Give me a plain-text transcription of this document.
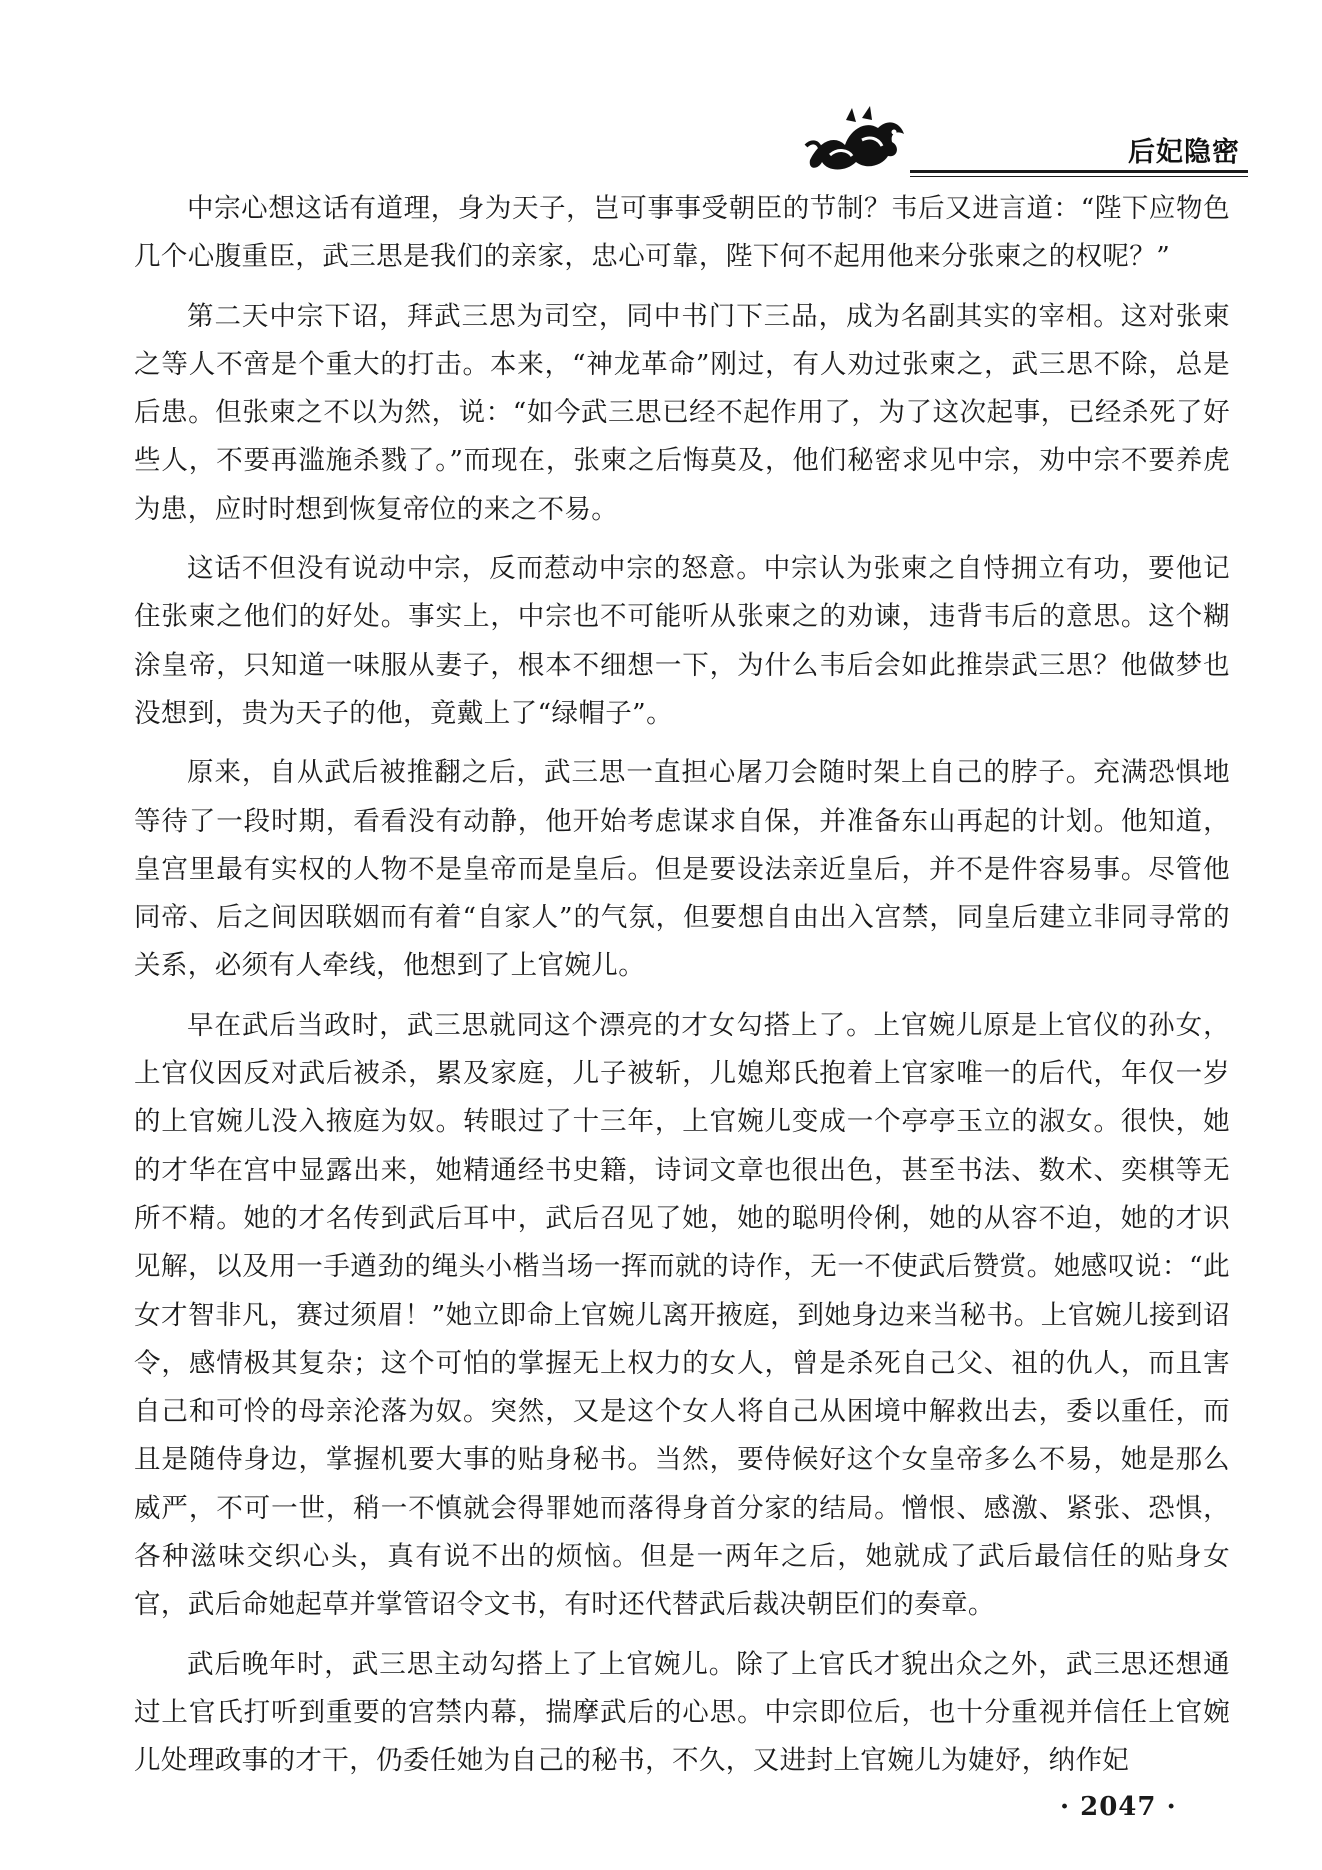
后妃隐密

中宗心想这话有道理，身为天子，岂可事事受朝臣的节制？韦后又进言道：“陛下应物色几个心腹重臣，武三思是我们的亲家，忠心可靠，陛下何不起用他来分张柬之的权呢？”

第二天中宗下诏，拜武三思为司空，同中书门下三品，成为名副其实的宰相。这对张柬之等人不啻是个重大的打击。本来，“神龙革命”刚过，有人劝过张柬之，武三思不除，总是后患。但张柬之不以为然，说：“如今武三思已经不起作用了，为了这次起事，已经杀死了好些人，不要再滥施杀戮了。”而现在，张柬之后悔莫及，他们秘密求见中宗，劝中宗不要养虎为患，应时时想到恢复帝位的来之不易。

这话不但没有说动中宗，反而惹动中宗的怒意。中宗认为张柬之自恃拥立有功，要他记住张柬之他们的好处。事实上，中宗也不可能听从张柬之的劝谏，违背韦后的意思。这个糊涂皇帝，只知道一味服从妻子，根本不细想一下，为什么韦后会如此推崇武三思？他做梦也没想到，贵为天子的他，竟戴上了“绿帽子”。

原来，自从武后被推翻之后，武三思一直担心屠刀会随时架上自己的脖子。充满恐惧地等待了一段时期，看看没有动静，他开始考虑谋求自保，并准备东山再起的计划。他知道，皇宫里最有实权的人物不是皇帝而是皇后。但是要设法亲近皇后，并不是件容易事。尽管他同帝、后之间因联姻而有着“自家人”的气氛，但要想自由出入宫禁，同皇后建立非同寻常的关系，必须有人牵线，他想到了上官婉儿。

早在武后当政时，武三思就同这个漂亮的才女勾搭上了。上官婉儿原是上官仪的孙女，上官仪因反对武后被杀，累及家庭，儿子被斩，儿媳郑氏抱着上官家唯一的后代，年仅一岁的上官婉儿没入掖庭为奴。转眼过了十三年，上官婉儿变成一个亭亭玉立的淑女。很快，她的才华在宫中显露出来，她精通经书史籍，诗词文章也很出色，甚至书法、数术、奕棋等无所不精。她的才名传到武后耳中，武后召见了她，她的聪明伶俐，她的从容不迫，她的才识见解，以及用一手遒劲的绳头小楷当场一挥而就的诗作，无一不使武后赞赏。她感叹说：“此女才智非凡，赛过须眉！”她立即命上官婉儿离开掖庭，到她身边来当秘书。上官婉儿接到诏令，感情极其复杂；这个可怕的掌握无上权力的女人，曾是杀死自己父、祖的仇人，而且害自己和可怜的母亲沦落为奴。突然，又是这个女人将自己从困境中解救出去，委以重任，而且是随侍身边，掌握机要大事的贴身秘书。当然，要侍候好这个女皇帝多么不易，她是那么威严，不可一世，稍一不慎就会得罪她而落得身首分家的结局。憎恨、感激、紧张、恐惧，各种滋味交织心头，真有说不出的烦恼。但是一两年之后，她就成了武后最信任的贴身女官，武后命她起草并掌管诏令文书，有时还代替武后裁决朝臣们的奏章。

武后晚年时，武三思主动勾搭上了上官婉儿。除了上官氏才貌出众之外，武三思还想通过上官氏打听到重要的宫禁内幕，揣摩武后的心思。中宗即位后，也十分重视并信任上官婉儿处理政事的才干，仍委任她为自己的秘书，不久，又进封上官婉儿为婕妤，纳作妃

· 2047 ·
